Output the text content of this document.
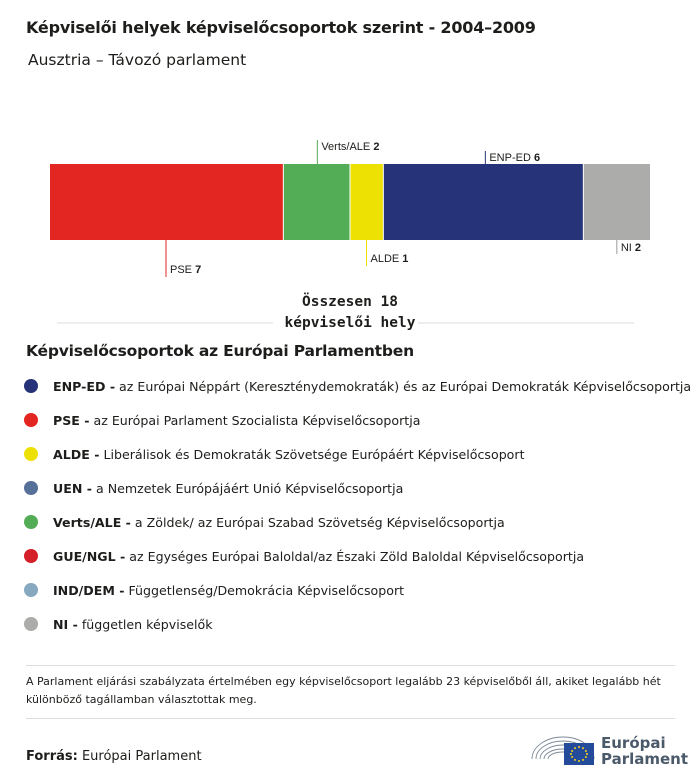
Képviselői helyek képviselőcsoportok szerint - 2004–2009
Ausztria – Távozó parlament
PSE 7
Verts/ALE 2
ALDE 1
ENP-ED 6
NI 2
Összesen 18 képviselői hely
Képviselőcsoportok az Európai Parlamentben
ENP-ED - az Európai Néppárt (Kereszténydemokraták) és az Európai Demokraták Képviselőcsoportja
PSE - az Európai Parlament Szocialista Képviselőcsoportja
ALDE - Liberálisok és Demokraták Szövetsége Európáért Képviselőcsoport
UEN - a Nemzetek Európájáért Unió Képviselőcsoportja
Verts/ALE - a Zöldek/ az Európai Szabad Szövetség Képviselőcsoportja
GUE/NGL - az Egységes Európai Baloldal/az Északi Zöld Baloldal Képviselőcsoportja
IND/DEM - Függetlenség/Demokrácia Képviselőcsoport
NI - független képviselők
A Parlament eljárási szabályzata értelmében egy képviselőcsoport legalább 23 képviselőből áll, akiket legalább hét különböző tagállamban választottak meg.
Forrás: Európai Parlament
Európai
Parlament
